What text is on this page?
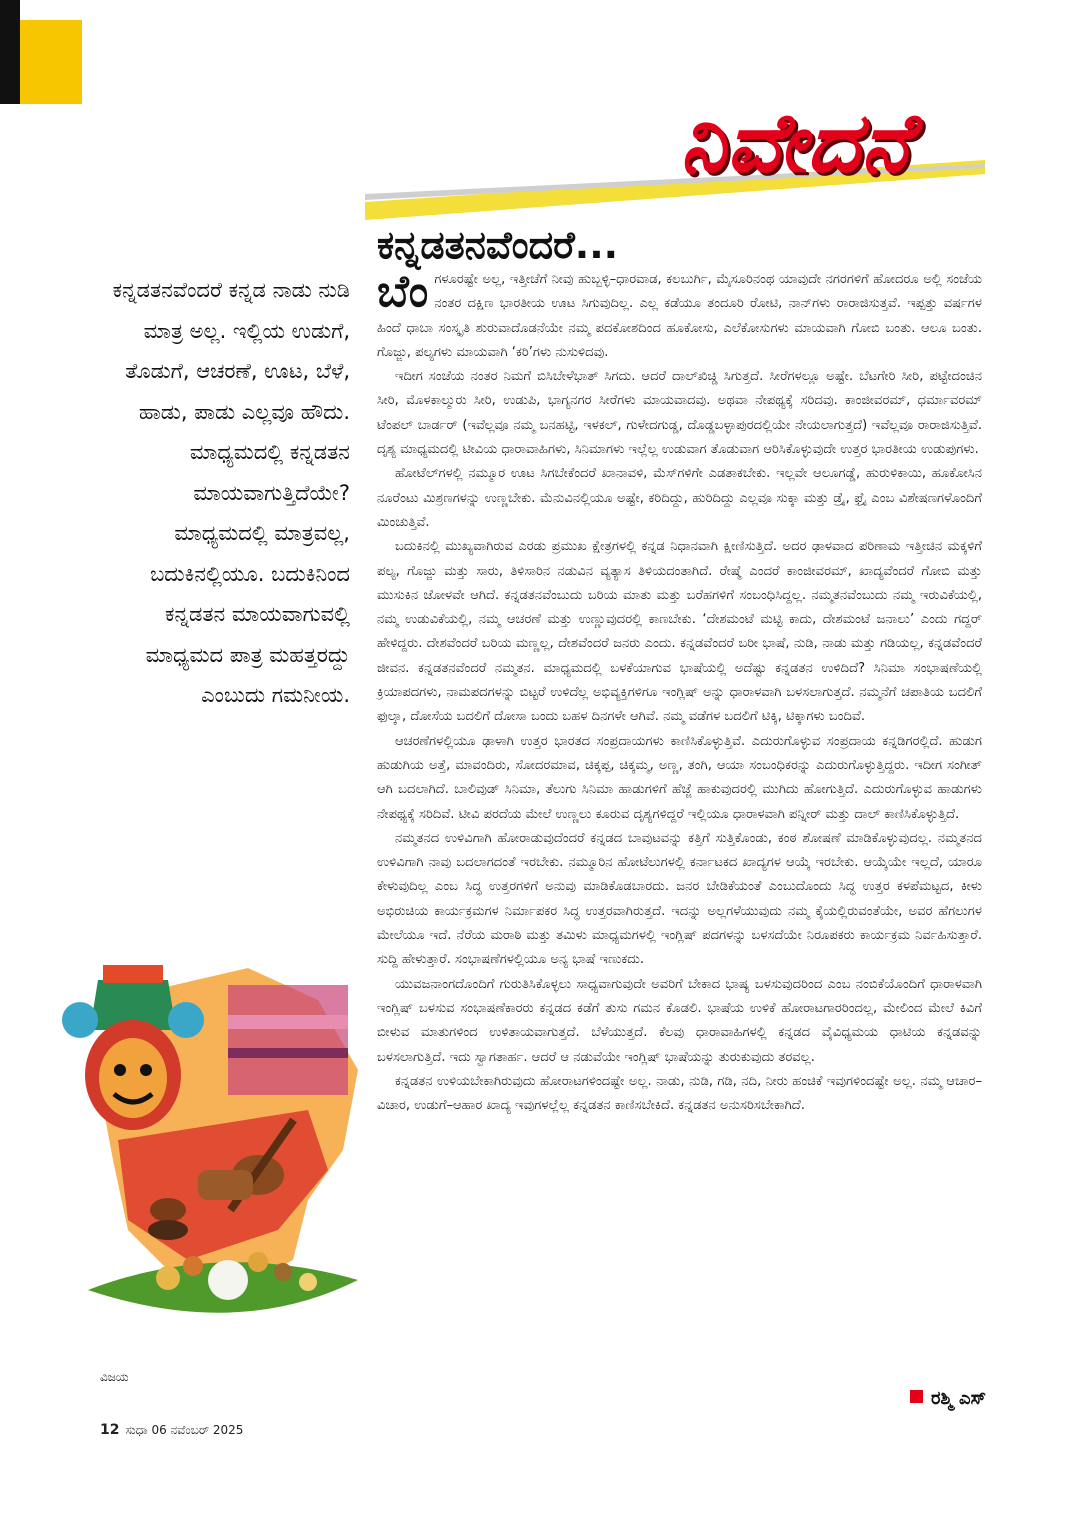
ನಿವೇದನೆ
ಕನ್ನಡತನವೆಂದರೆ...

ಕನ್ನಡತನವೆಂದರೆ ಕನ್ನಡ ನಾಡು ನುಡಿ ಮಾತ್ರ ಅಲ್ಲ. ಇಲ್ಲಿಯ ಉಡುಗೆ, ತೊಡುಗೆ, ಆಚರಣೆ, ಊಟ, ಬೆಳೆ, ಹಾಡು, ಪಾಡು ಎಲ್ಲವೂ ಹೌದು. ಮಾಧ್ಯಮದಲ್ಲಿ ಕನ್ನಡತನ ಮಾಯವಾಗುತ್ತಿದೆಯೇ? ಮಾಧ್ಯಮದಲ್ಲಿ ಮಾತ್ರವಲ್ಲ, ಬದುಕಿನಲ್ಲಿಯೂ. ಬದುಕಿನಿಂದ ಕನ್ನಡತನ ಮಾಯವಾಗುವಲ್ಲಿ ಮಾಧ್ಯಮದ ಪಾತ್ರ ಮಹತ್ತರದ್ದು ಎಂಬುದು ಗಮನೀಯ.

ವಿಜಯ

ಬೆಂಗಳೂರಷ್ಟೇ ಅಲ್ಲ, ಇತ್ತೀಚೆಗೆ ನೀವು ಹುಬ್ಬಳ್ಳಿ–ಧಾರವಾಡ, ಕಲಬುರ್ಗಿ, ಮೈಸೂರಿನಂಥ ಯಾವುದೇ ನಗರಗಳಿಗೆ ಹೋದರೂ ಅಲ್ಲಿ ಸಂಜೆಯ ನಂತರ ದಕ್ಷಿಣ ಭಾರತೀಯ ಊಟ ಸಿಗುವುದಿಲ್ಲ. ಎಲ್ಲ ಕಡೆಯೂ ತಂದೂರಿ ರೋಟಿ, ನಾನ್‌ಗಳು ರಾರಾಜಿಸುತ್ತವೆ. ಇಪ್ಪತ್ತು ವರ್ಷಗಳ ಹಿಂದೆ ಧಾಬಾ ಸಂಸ್ಕೃತಿ ಶುರುವಾದೊಡನೆಯೇ ನಮ್ಮ ಪದಕೋಶದಿಂದ ಹೂಕೋಸು, ಎಲೆಕೋಸುಗಳು ಮಾಯವಾಗಿ ಗೋಬಿ ಬಂತು. ಆಲೂ ಬಂತು. ಗೊಜ್ಜು, ಪಲ್ಯಗಳು ಮಾಯವಾಗಿ ‘ಕರಿ’ಗಳು ನುಸುಳಿದವು.

ಇದೀಗ ಸಂಜೆಯ ನಂತರ ನಿಮಗೆ ಬಿಸಿಬೇಳೆಭಾತ್ ಸಿಗದು. ಆದರೆ ದಾಲ್‌ಖಿಚ್ಡಿ ಸಿಗುತ್ತದೆ. ಸೀರೆಗಳಲ್ಲೂ ಅಷ್ಟೇ. ಬೆಟಗೇರಿ ಸೀರಿ, ಪಟ್ಟೇದಂಚಿನ ಸೀರಿ, ಮೊಳಕಾಲ್ಮುರು ಸೀರಿ, ಉಡುಪಿ, ಭಾಗ್ಯನಗರ ಸೀರೆಗಳು ಮಾಯವಾದವು. ಅಥವಾ ನೇಪಥ್ಯಕ್ಕೆ ಸರಿದವು. ಕಾಂಜೀವರಮ್, ಧರ್ಮಾವರಮ್ ಟೆಂಪಲ್ ಬಾರ್ಡರ್ (ಇವೆಲ್ಲವೂ ನಮ್ಮ ಬನಹಟ್ಟಿ, ಇಳಕಲ್, ಗುಳೇದಗುಡ್ಡ, ದೊಡ್ಡಬಳ್ಳಾಪುರದಲ್ಲಿಯೇ ನೇಯಲಾಗುತ್ತದೆ) ಇವೆಲ್ಲವೂ ರಾರಾಜಿಸುತ್ತಿವೆ. ದೃಶ್ಯ ಮಾಧ್ಯಮದಲ್ಲಿ ಟೀವಿಯ ಧಾರಾವಾಹಿಗಳು, ಸಿನಿಮಾಗಳು ಇಲ್ಲೆಲ್ಲ ಉಡುವಾಗ ತೊಡುವಾಗ ಆರಿಸಿಕೊಳ್ಳುವುದೇ ಉತ್ತರ ಭಾರತೀಯ ಉಡುಪುಗಳು.

ಹೋಟೆಲ್‌ಗಳಲ್ಲಿ ನಮ್ಮೂರ ಊಟ ಸಿಗಬೇಕೆಂದರೆ ಖಾನಾವಳಿ, ಮೆಸ್‌ಗಳಿಗೇ ಎಡತಾಕಬೇಕು. ಇಲ್ಲವೇ ಆಲೂಗಡ್ಡೆ, ಹುರುಳಿಕಾಯಿ, ಹೂಕೋಸಿನ ನೂರೆಂಟು ಮಿಶ್ರಣಗಳನ್ನು ಉಣ್ಣಬೇಕು. ಮೆನುವಿನಲ್ಲಿಯೂ ಅಷ್ಟೇ, ಕರಿದಿದ್ದು, ಹುರಿದಿದ್ದು ಎಲ್ಲವೂ ಸುಕ್ಕಾ ಮತ್ತು ಡ್ರೈ, ಫ್ರೈ ಎಂಬ ವಿಶೇಷಣಗಳೊಂದಿಗೆ ಮಿಂಚುತ್ತಿವೆ.

ಬದುಕಿನಲ್ಲಿ ಮುಖ್ಯವಾಗಿರುವ ಎರಡು ಪ್ರಮುಖ ಕ್ಷೇತ್ರಗಳಲ್ಲಿ ಕನ್ನಡ ನಿಧಾನವಾಗಿ ಕ್ಷೀಣಿಸುತ್ತಿದೆ. ಅದರ ಢಾಳವಾದ ಪರಿಣಾಮ ಇತ್ತೀಚಿನ ಮಕ್ಕಳಿಗೆ ಪಲ್ಯ, ಗೊಜ್ಜು ಮತ್ತು ಸಾರು, ತಿಳಿಸಾರಿನ ನಡುವಿನ ವ್ಯತ್ಯಾಸ ತಿಳಿಯದಂತಾಗಿದೆ. ರೇಷ್ಮೆ ಎಂದರೆ ಕಾಂಜೀವರಮ್, ಖಾದ್ಯವೆಂದರೆ ಗೋಬಿ ಮತ್ತು ಮುಸುಕಿನ ಜೋಳವೇ ಆಗಿದೆ. ಕನ್ನಡತನವೆಂಬುದು ಬರಿಯ ಮಾತು ಮತ್ತು ಬರೆಹಗಳಿಗೆ ಸಂಬಂಧಿಸಿದ್ದಲ್ಲ. ನಮ್ಮತನವೆಂಬುದು ನಮ್ಮ ಇರುವಿಕೆಯಲ್ಲಿ, ನಮ್ಮ ಉಡುವಿಕೆಯಲ್ಲಿ, ನಮ್ಮ ಆಚರಣೆ ಮತ್ತು ಉಣ್ಣುವುದರಲ್ಲಿ ಕಾಣಬೇಕು. ‘ದೇಶಮಂಟೆ ಮಟ್ಟಿ ಕಾದು, ದೇಶಮಂಟೆ ಜನಾಲು’ ಎಂದು ಗದ್ದರ್ ಹೇಳಿದ್ದರು. ದೇಶವೆಂದರೆ ಬರಿಯ ಮಣ್ಣಲ್ಲ, ದೇಶವೆಂದರೆ ಜನರು ಎಂದು. ಕನ್ನಡವೆಂದರೆ ಬರೀ ಭಾಷೆ, ನುಡಿ, ನಾಡು ಮತ್ತು ಗಡಿಯಲ್ಲ, ಕನ್ನಡವೆಂದರೆ ಜೀವನ. ಕನ್ನಡತನವೆಂದರೆ ನಮ್ಮತನ. ಮಾಧ್ಯಮದಲ್ಲಿ ಬಳಕೆಯಾಗುವ ಭಾಷೆಯಲ್ಲಿ ಅದೆಷ್ಟು ಕನ್ನಡತನ ಉಳಿದಿದೆ? ಸಿನಿಮಾ ಸಂಭಾಷಣೆಯಲ್ಲಿ ಕ್ರಿಯಾಪದಗಳು, ನಾಮಪದಗಳನ್ನು ಬಿಟ್ಟರೆ ಉಳಿದೆಲ್ಲ ಅಭಿವ್ಯಕ್ತಿಗಳಿಗೂ ಇಂಗ್ಲಿಷ್ ಅನ್ನು ಧಾರಾಳವಾಗಿ ಬಳಸಲಾಗುತ್ತದೆ. ನಮ್ಮನೆಗೆ ಚಪಾತಿಯ ಬದಲಿಗೆ ಫುಲ್ಕಾ, ದೋಸೆಯ ಬದಲಿಗೆ ದೋಸಾ ಬಂದು ಬಹಳ ದಿನಗಳೇ ಆಗಿವೆ. ನಮ್ಮ ವಡೆಗಳ ಬದಲಿಗೆ ಟಿಕ್ಕಿ, ಟಿಕ್ಕಾಗಳು ಬಂದಿವೆ.

ಆಚರಣೆಗಳಲ್ಲಿಯೂ ಢಾಳಾಗಿ ಉತ್ತರ ಭಾರತದ ಸಂಪ್ರದಾಯಗಳು ಕಾಣಿಸಿಕೊಳ್ಳುತ್ತಿವೆ. ಎದುರುಗೊಳ್ಳುವ ಸಂಪ್ರದಾಯ ಕನ್ನಡಿಗರಲ್ಲಿದೆ. ಹುಡುಗ ಹುಡುಗಿಯ ಅತ್ತೆ, ಮಾವಂದಿರು, ಸೋದರಮಾವ, ಚಿಕ್ಕಪ್ಪ, ಚಿಕ್ಕಮ್ಮ, ಅಣ್ಣ, ತಂಗಿ, ಆಯಾ ಸಂಬಂಧಿಕರನ್ನು ಎದುರುಗೊಳ್ಳುತ್ತಿದ್ದರು. ಇದೀಗ ಸಂಗೀತ್ ಆಗಿ ಬದಲಾಗಿದೆ. ಬಾಲಿವುಡ್ ಸಿನಿಮಾ, ತೆಲುಗು ಸಿನಿಮಾ ಹಾಡುಗಳಿಗೆ ಹೆಜ್ಜೆ ಹಾಕುವುದರಲ್ಲಿ ಮುಗಿದು ಹೋಗುತ್ತಿದೆ. ಎದುರುಗೊಳ್ಳುವ ಹಾಡುಗಳು ನೇಪಥ್ಯಕ್ಕೆ ಸರಿದಿವೆ. ಟೀವಿ ಪರದೆಯ ಮೇಲೆ ಉಣ್ಣಲು ಕೂರುವ ದೃಶ್ಯಗಳಿದ್ದರೆ ಇಲ್ಲಿಯೂ ಧಾರಾಳವಾಗಿ ಪನ್ನೀರ್ ಮತ್ತು ದಾಲ್ ಕಾಣಿಸಿಕೊಳ್ಳುತ್ತಿದೆ.

ನಮ್ಮತನದ ಉಳಿವಿಗಾಗಿ ಹೋರಾಡುವುದೆಂದರೆ ಕನ್ನಡದ ಬಾವುಟವನ್ನು ಕತ್ತಿಗೆ ಸುತ್ತಿಕೊಂಡು, ಕಂಠ ಶೋಷಣೆ ಮಾಡಿಕೊಳ್ಳುವುದಲ್ಲ. ನಮ್ಮತನದ ಉಳಿವಿಗಾಗಿ ನಾವು ಬದಲಾಗದಂತೆ ಇರಬೇಕು. ನಮ್ಮೂರಿನ ಹೋಟೆಲುಗಳಲ್ಲಿ ಕರ್ನಾಟಕದ ಖಾದ್ಯಗಳ ಆಯ್ಕೆ ಇರಬೇಕು. ಆಯ್ಕೆಯೇ ಇಲ್ಲದೆ, ಯಾರೂ ಕೇಳುವುದಿಲ್ಲ ಎಂಬ ಸಿದ್ಧ ಉತ್ತರಗಳಿಗೆ ಅನುವು ಮಾಡಿಕೊಡಬಾರದು. ಜನರ ಬೇಡಿಕೆಯಂತೆ ಎಂಬುದೊಂದು ಸಿದ್ಧ ಉತ್ತರ ಕಳಪೆಮಟ್ಟದ, ಕೀಳು ಅಭಿರುಚಿಯ ಕಾರ್ಯಕ್ರಮಗಳ ನಿರ್ಮಾಪಕರ ಸಿದ್ಧ ಉತ್ತರವಾಗಿರುತ್ತದೆ. ಇದನ್ನು ಅಲ್ಲಗಳೆಯುವುದು ನಮ್ಮ ಕೈಯಲ್ಲಿರುವಂತೆಯೇ, ಅವರ ಹೆಗಲುಗಳ ಮೇಲೆಯೂ ಇದೆ. ನೆರೆಯ ಮರಾಠಿ ಮತ್ತು ತಮಿಳು ಮಾಧ್ಯಮಗಳಲ್ಲಿ ಇಂಗ್ಲಿಷ್ ಪದಗಳನ್ನು ಬಳಸದೆಯೇ ನಿರೂಪಕರು ಕಾರ್ಯಕ್ರಮ ನಿರ್ವಹಿಸುತ್ತಾರೆ. ಸುದ್ದಿ ಹೇಳುತ್ತಾರೆ. ಸಂಭಾಷಣೆಗಳಲ್ಲಿಯೂ ಅನ್ಯ ಭಾಷೆ ಇಣುಕದು.

ಯುವಜನಾಂಗದೊಂದಿಗೆ ಗುರುತಿಸಿಕೊಳ್ಳಲು ಸಾಧ್ಯವಾಗುವುದೇ ಅವರಿಗೆ ಬೇಕಾದ ಭಾಷ್ಯ ಬಳಸುವುದರಿಂದ ಎಂಬ ನಂಬಿಕೆಯೊಂದಿಗೆ ಧಾರಾಳವಾಗಿ ಇಂಗ್ಲಿಷ್ ಬಳಸುವ ಸಂಭಾಷಣೆಕಾರರು ಕನ್ನಡದ ಕಡೆಗೆ ತುಸು ಗಮನ ಕೊಡಲಿ. ಭಾಷೆಯ ಉಳಿಕೆ ಹೋರಾಟಗಾರರಿಂದಲ್ಲ, ಮೇಲಿಂದ ಮೇಲೆ ಕಿವಿಗೆ ಬೀಳುವ ಮಾತುಗಳಿಂದ ಉಳಿತಾಯವಾಗುತ್ತದೆ. ಬೆಳೆಯುತ್ತದೆ. ಕೆಲವು ಧಾರಾವಾಹಿಗಳಲ್ಲಿ ಕನ್ನಡದ ವೈವಿಧ್ಯಮಯ ಧಾಟಿಯ ಕನ್ನಡವನ್ನು ಬಳಸಲಾಗುತ್ತಿದೆ. ಇದು ಸ್ವಾಗತಾರ್ಹ. ಆದರೆ ಆ ನಡುವೆಯೇ ಇಂಗ್ಲಿಷ್ ಭಾಷೆಯನ್ನು ತುರುಕುವುದು ತರವಲ್ಲ.

ಕನ್ನಡತನ ಉಳಿಯಬೇಕಾಗಿರುವುದು ಹೋರಾಟಗಳಿಂದಷ್ಟೇ ಅಲ್ಲ. ನಾಡು, ನುಡಿ, ಗಡಿ, ನದಿ, ನೀರು ಹಂಚಿಕೆ ಇವುಗಳಿಂದಷ್ಟೇ ಅಲ್ಲ. ನಮ್ಮ ಆಚಾರ–ವಿಚಾರ, ಉಡುಗೆ–ಆಹಾರ ಖಾದ್ಯ ಇವುಗಳಲ್ಲೆಲ್ಲ ಕನ್ನಡತನ ಕಾಣಿಸಬೇಕಿದೆ. ಕನ್ನಡತನ ಅನುಸರಿಸಬೇಕಾಗಿದೆ.

ರಶ್ಮಿ ಎಸ್
12 ಸುಧಾ 06 ನವೆಂಬರ್ 2025
